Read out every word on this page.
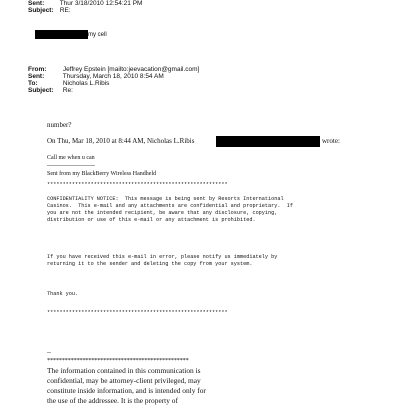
Sent: Thur 3/18/2010 12:54:21 PM
Subject: RE:
my cell
From:	Jeffrey Epstein [mailto:jeevacation@gmail.com]
Sent:	Thursday, March 18, 2010 8:54 AM
To:	Nicholas L.Ribis
Subject: Re:
number?
On Thu, Mar 18, 2010 at 8:44 AM, Nicholas L.Ribis	wrote:
Call me when u can
------------------------
Sent from my BlackBerry Wireless Handheld
**********************************************************
CONFIDENTIALITY NOTICE:  This message is being sent by Resorts International
Casinos.  This e-mail and any attachments are confidential and proprietary.  If
you are not the intended recipient, be aware that any disclosure, copying,
distribution or use of this e-mail or any attachment is prohibited.
If you have received this e-mail in error, please notify us immediately by
returning it to the sender and deleting the copy from your system.
Thank you.
**********************************************************
--
************************************************
The information contained in this communication is
confidential, may be attorney-client privileged, may
constitute inside information, and is intended only for
the use of the addressee. It is the property of
